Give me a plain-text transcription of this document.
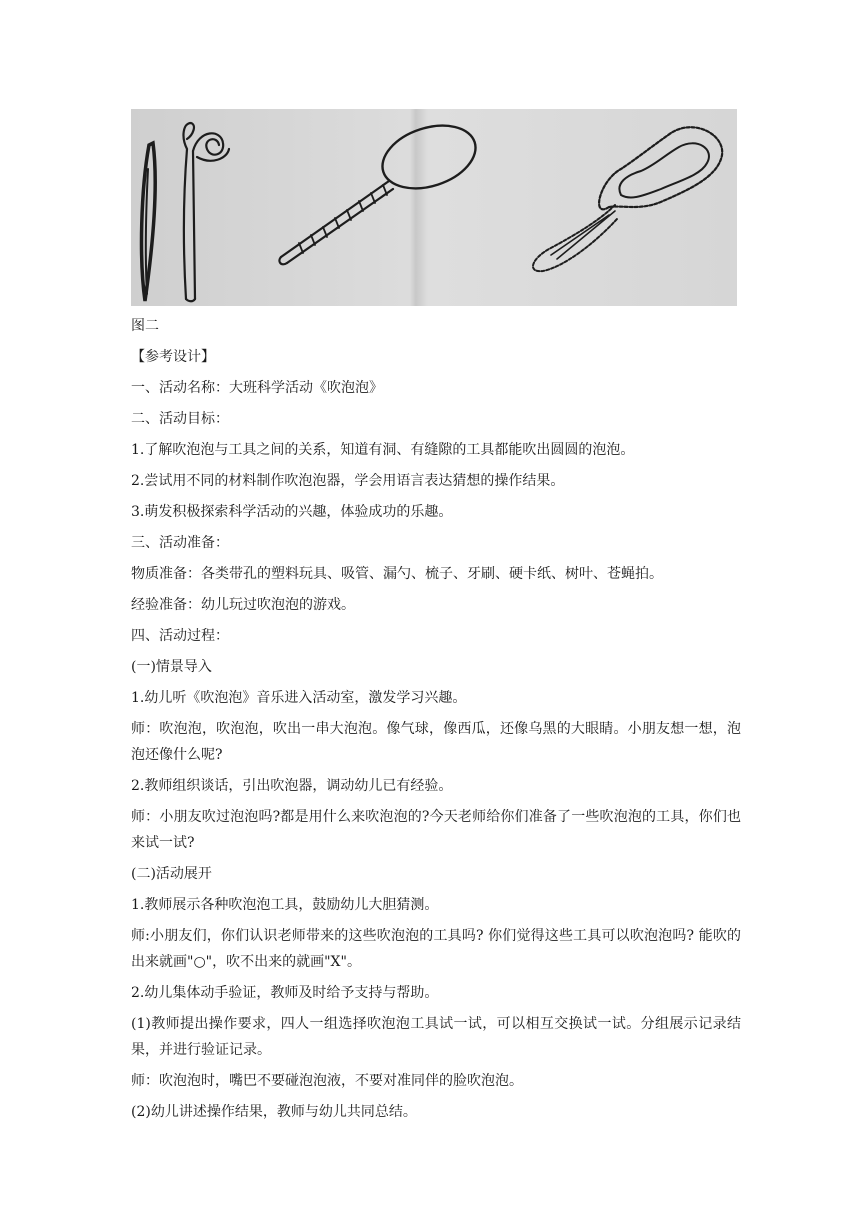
图二

【参考设计】

一、活动名称：大班科学活动《吹泡泡》

二、活动目标：

1.了解吹泡泡与工具之间的关系，知道有洞、有缝隙的工具都能吹出圆圆的泡泡。

2.尝试用不同的材料制作吹泡泡器，学会用语言表达猜想的操作结果。

3.萌发积极探索科学活动的兴趣，体验成功的乐趣。

三、活动准备：

物质准备：各类带孔的塑料玩具、吸管、漏勺、梳子、牙刷、硬卡纸、树叶、苍蝇拍。

经验准备：幼儿玩过吹泡泡的游戏。

四、活动过程：

(一)情景导入

1.幼儿听《吹泡泡》音乐进入活动室，激发学习兴趣。

师：吹泡泡，吹泡泡，吹出一串大泡泡。像气球，像西瓜，还像乌黑的大眼睛。小朋友想一想，泡泡还像什么呢?

2.教师组织谈话，引出吹泡器，调动幼儿已有经验。

师：小朋友吹过泡泡吗?都是用什么来吹泡泡的?今天老师给你们准备了一些吹泡泡的工具，你们也来试一试?

(二)活动展开

1.教师展示各种吹泡泡工具，鼓励幼儿大胆猜测。

师:小朋友们，你们认识老师带来的这些吹泡泡的工具吗? 你们觉得这些工具可以吹泡泡吗? 能吹的出来就画"○"，吹不出来的就画"X"。

2.幼儿集体动手验证，教师及时给予支持与帮助。

(1)教师提出操作要求，四人一组选择吹泡泡工具试一试，可以相互交换试一试。分组展示记录结果，并进行验证记录。

师：吹泡泡时，嘴巴不要碰泡泡液，不要对准同伴的脸吹泡泡。

(2)幼儿讲述操作结果，教师与幼儿共同总结。
